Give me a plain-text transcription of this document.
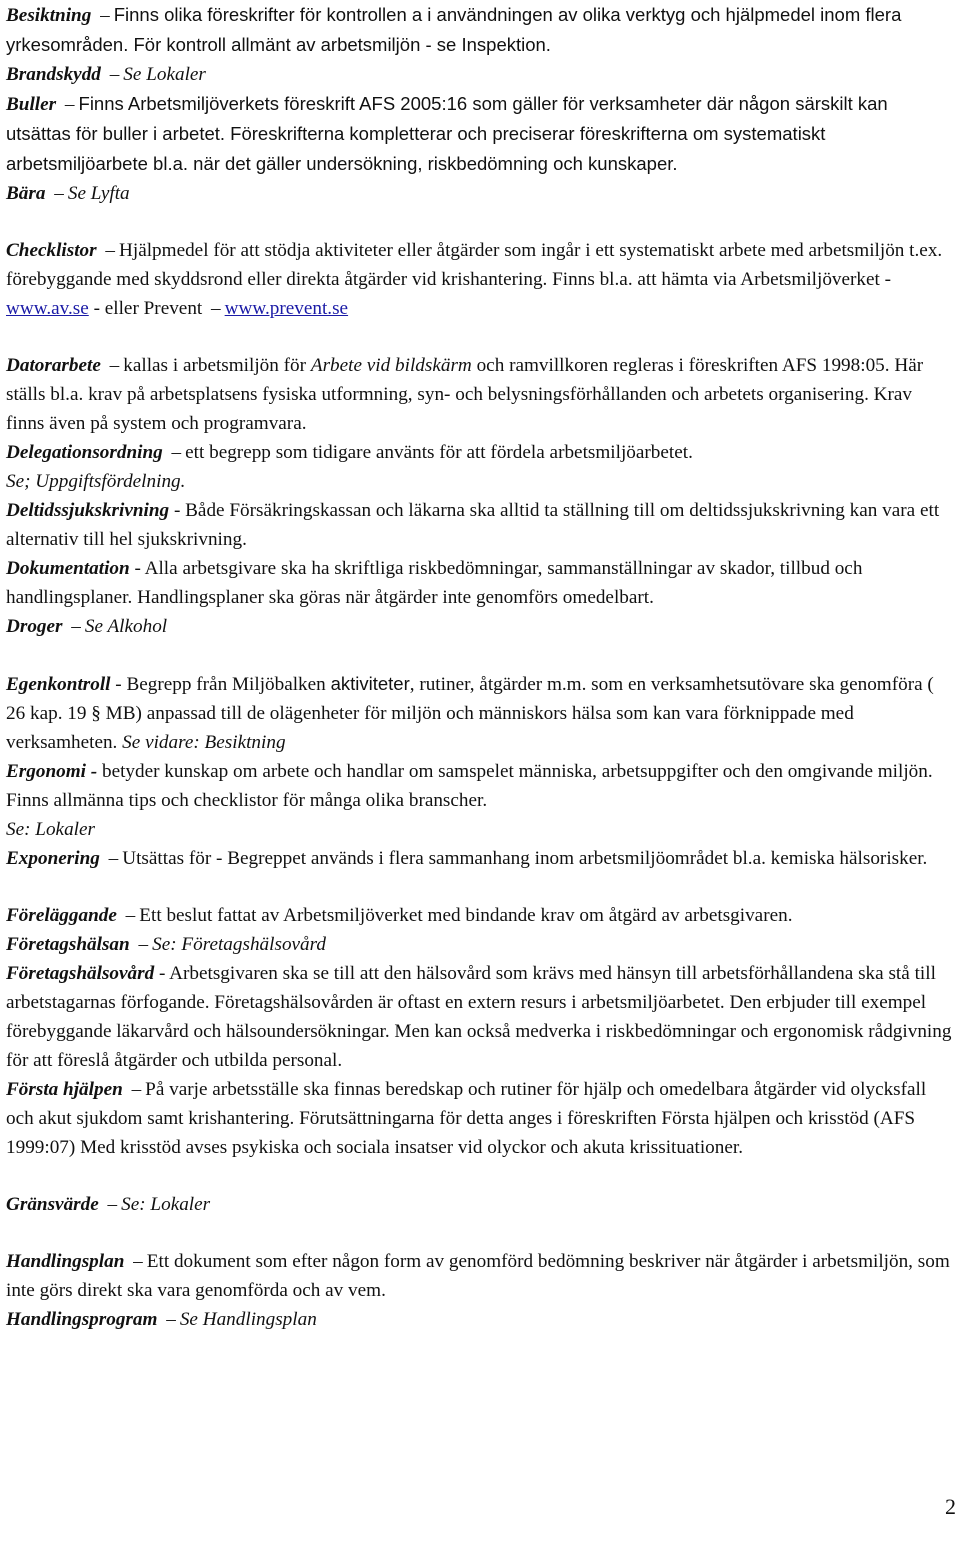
Besiktning – Finns olika föreskrifter för kontrollen a i användningen av olika verktyg och hjälpmedel inom flera yrkesområden. För kontroll allmänt av arbetsmiljön - se Inspektion.

Brandskydd – Se Lokaler

Buller – Finns Arbetsmiljöverkets föreskrift AFS 2005:16 som gäller för verksamheter där någon särskilt kan utsättas för buller i arbetet. Föreskrifterna kompletterar och preciserar föreskrifterna om systematiskt arbetsmiljöarbete bl.a. när det gäller undersökning, riskbedömning och kunskaper.

Bära – Se Lyfta

Checklistor – Hjälpmedel för att stödja aktiviteter eller åtgärder som ingår i ett systematiskt arbete med arbetsmiljön t.ex. förebyggande med skyddsrond eller direkta åtgärder vid krishantering. Finns bl.a. att hämta via Arbetsmiljöverket - www.av.se - eller Prevent – www.prevent.se

Datorarbete – kallas i arbetsmiljön för Arbete vid bildskärm och ramvillkoren regleras i föreskriften AFS 1998:05. Här ställs bl.a. krav på arbetsplatsens fysiska utformning, syn- och belysningsförhållanden och arbetets organisering. Krav finns även på system och programvara.

Delegationsordning – ett begrepp som tidigare använts för att fördela arbetsmiljöarbetet.
Se; Uppgiftsfördelning.

Deltidssjukskrivning - Både Försäkringskassan och läkarna ska alltid ta ställning till om deltidssjukskrivning kan vara ett alternativ till hel sjukskrivning.

Dokumentation - Alla arbetsgivare ska ha skriftliga riskbedömningar, sammanställningar av skador, tillbud och handlingsplaner. Handlingsplaner ska göras när åtgärder inte genomförs omedelbart.

Droger – Se Alkohol

Egenkontroll - Begrepp från Miljöbalken aktiviteter, rutiner, åtgärder m.m. som en verksamhetsutövare ska genomföra ( 26 kap. 19 § MB) anpassad till de olägenheter för miljön och människors hälsa som kan vara förknippade med verksamheten. Se vidare: Besiktning

Ergonomi - betyder kunskap om arbete och handlar om samspelet människa, arbetsuppgifter och den omgivande miljön. Finns allmänna tips och checklistor för många olika branscher.
Se: Lokaler

Exponering – Utsättas för - Begreppet används i flera sammanhang inom arbetsmiljöområdet bl.a. kemiska hälsorisker.

Föreläggande – Ett beslut fattat av Arbetsmiljöverket med bindande krav om åtgärd av arbetsgivaren.

Företagshälsan – Se: Företagshälsovård

Företagshälsovård - Arbetsgivaren ska se till att den hälsovård som krävs med hänsyn till arbetsförhållandena ska stå till arbetstagarnas förfogande. Företagshälsovården är oftast en extern resurs i arbetsmiljöarbetet. Den erbjuder till exempel förebyggande läkarvård och hälsoundersökningar. Men kan också medverka i riskbedömningar och ergonomisk rådgivning för att föreslå åtgärder och utbilda personal.

Första hjälpen – På varje arbetsställe ska finnas beredskap och rutiner för hjälp och omedelbara åtgärder vid olycksfall och akut sjukdom samt krishantering. Förutsättningarna för detta anges i föreskriften Första hjälpen och krisstöd (AFS 1999:07) Med krisstöd avses psykiska och sociala insatser vid olyckor och akuta krissituationer.

Gränsvärde – Se: Lokaler

Handlingsplan – Ett dokument som efter någon form av genomförd bedömning beskriver när åtgärder i arbetsmiljön, som inte görs direkt ska vara genomförda och av vem.

Handlingsprogram – Se Handlingsplan

2
